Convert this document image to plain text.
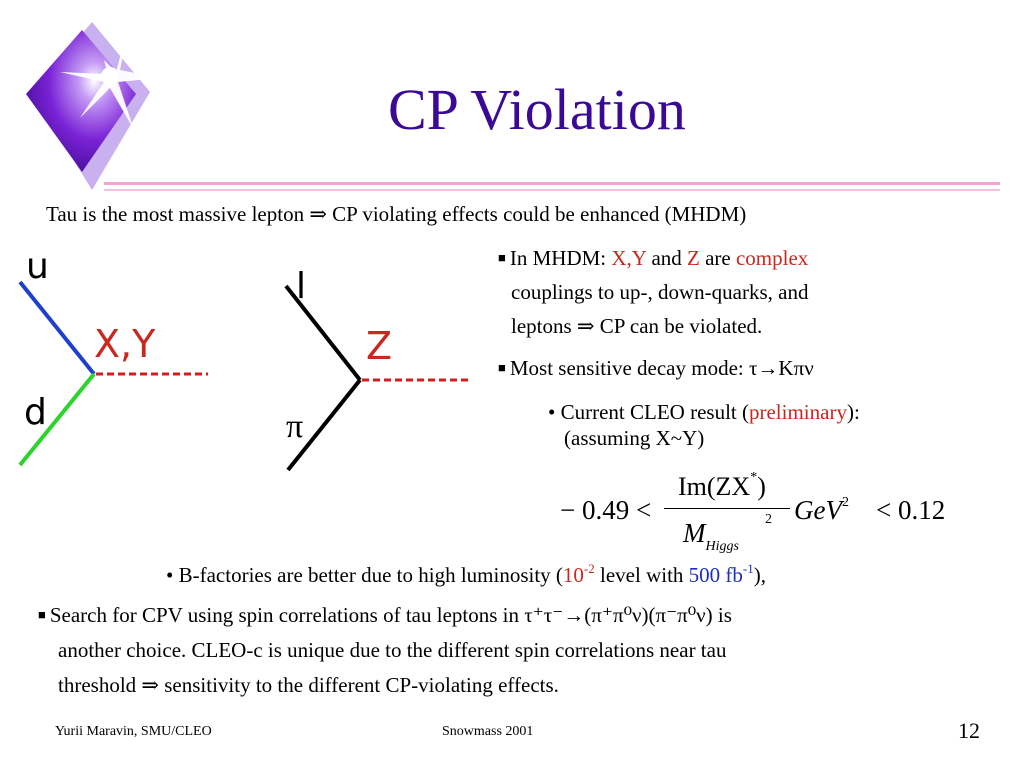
CP Violation
Tau is the most massive lepton ⇒ CP violating effects could be enhanced (MHDM)
u
d
X,Y
l
π
Z
■ In MHDM: X,Y and Z are complex
couplings to up-, down-quarks, and
leptons ⇒ CP can be violated.
■ Most sensitive decay mode: τ→Kπν
• Current CLEO result (preliminary):
(assuming X~Y)
− 0.49 <
Im(ZX*)
$M_{Higgs}$
2 GeV$^2$ < 0.12
• B-factories are better due to high luminosity ($10^{-2}$ level with 500 $fb^{-1}$),
■ Search for CPV using spin correlations of tau leptons in τ⁺τ⁻→(π⁺π⁰ν)(π⁻π⁰ν) is
another choice. CLEO-c is unique due to the different spin correlations near tau
threshold ⇒ sensitivity to the different CP-violating effects.
Yurii Maravin, SMU/CLEO	Snowmass 2001	12
